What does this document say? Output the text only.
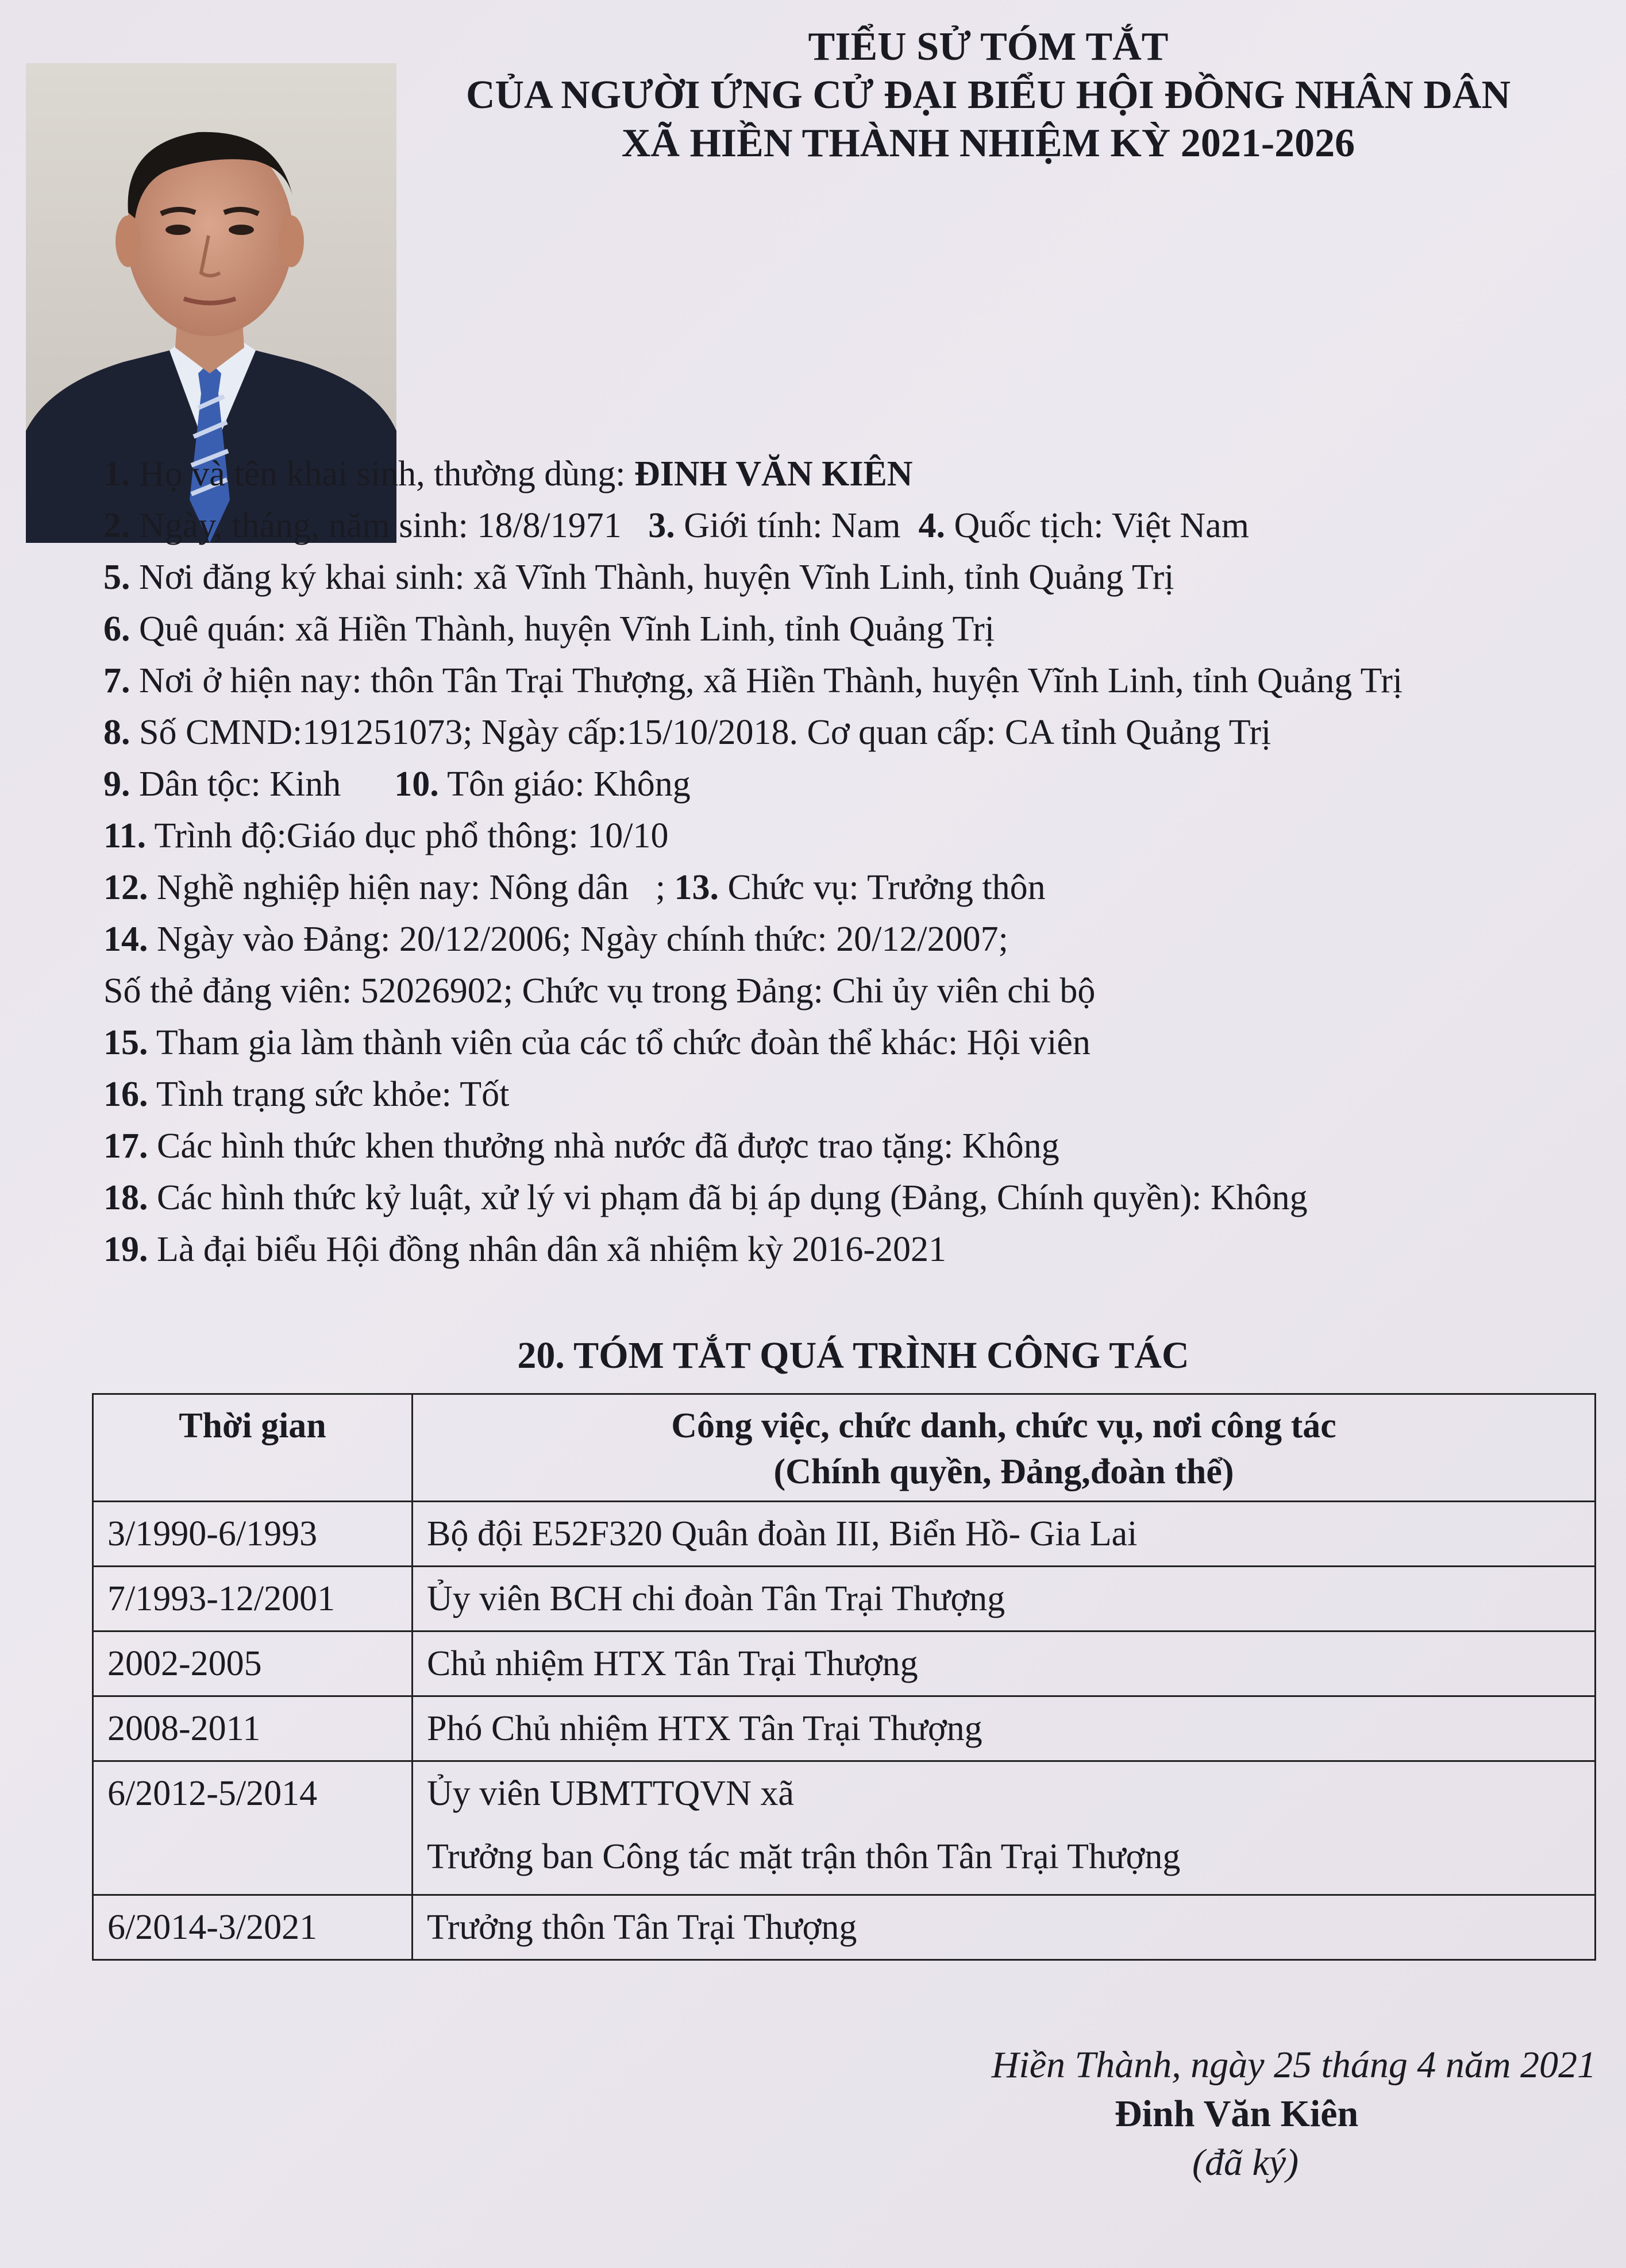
TIỂU SỬ TÓM TẮT
CỦA NGƯỜI ỨNG CỬ ĐẠI BIỂU HỘI ĐỒNG NHÂN DÂN
XÃ HIỀN THÀNH NHIỆM KỲ 2021-2026
1. Họ và tên khai sinh, thường dùng: ĐINH VĂN KIÊN
2. Ngày, tháng, năm sinh: 18/8/1971   3. Giới tính: Nam  4. Quốc tịch: Việt Nam
5. Nơi đăng ký khai sinh: xã Vĩnh Thành, huyện Vĩnh Linh, tỉnh Quảng Trị
6. Quê quán: xã Hiền Thành, huyện Vĩnh Linh, tỉnh Quảng Trị
7. Nơi ở hiện nay: thôn Tân Trại Thượng, xã Hiền Thành, huyện Vĩnh Linh, tỉnh Quảng Trị
8. Số CMND:191251073; Ngày cấp:15/10/2018. Cơ quan cấp: CA tỉnh Quảng Trị
9. Dân tộc: Kinh      10. Tôn giáo: Không
11. Trình độ:Giáo dục phổ thông: 10/10
12. Nghề nghiệp hiện nay: Nông dân   ; 13. Chức vụ: Trưởng thôn
14. Ngày vào Đảng: 20/12/2006; Ngày chính thức: 20/12/2007;
Số thẻ đảng viên: 52026902; Chức vụ trong Đảng: Chi ủy viên chi bộ
15. Tham gia làm thành viên của các tổ chức đoàn thể khác: Hội viên
16. Tình trạng sức khỏe: Tốt
17. Các hình thức khen thưởng nhà nước đã được trao tặng: Không
18. Các hình thức kỷ luật, xử lý vi phạm đã bị áp dụng (Đảng, Chính quyền): Không
19. Là đại biểu Hội đồng nhân dân xã nhiệm kỳ 2016-2021
20. TÓM TẮT QUÁ TRÌNH CÔNG TÁC
Thời gian	Công việc, chức danh, chức vụ, nơi công tác
(Chính quyền, Đảng,đoàn thể)

3/1990-6/1993	Bộ đội E52F320 Quân đoàn III, Biển Hồ- Gia Lai
7/1993-12/2001	Ủy viên BCH chi đoàn Tân Trại Thượng
2002-2005	Chủ nhiệm HTX Tân Trại Thượng
2008-2011	Phó Chủ nhiệm HTX Tân Trại Thượng
6/2012-5/2014	Ủy viên UBMTTQVN xã
Trưởng ban Công tác mặt trận thôn Tân Trại Thượng

6/2014-3/2021	Trưởng thôn Tân Trại Thượng
Hiền Thành, ngày 25 tháng 4 năm 2021
Đinh Văn Kiên
(đã ký)
